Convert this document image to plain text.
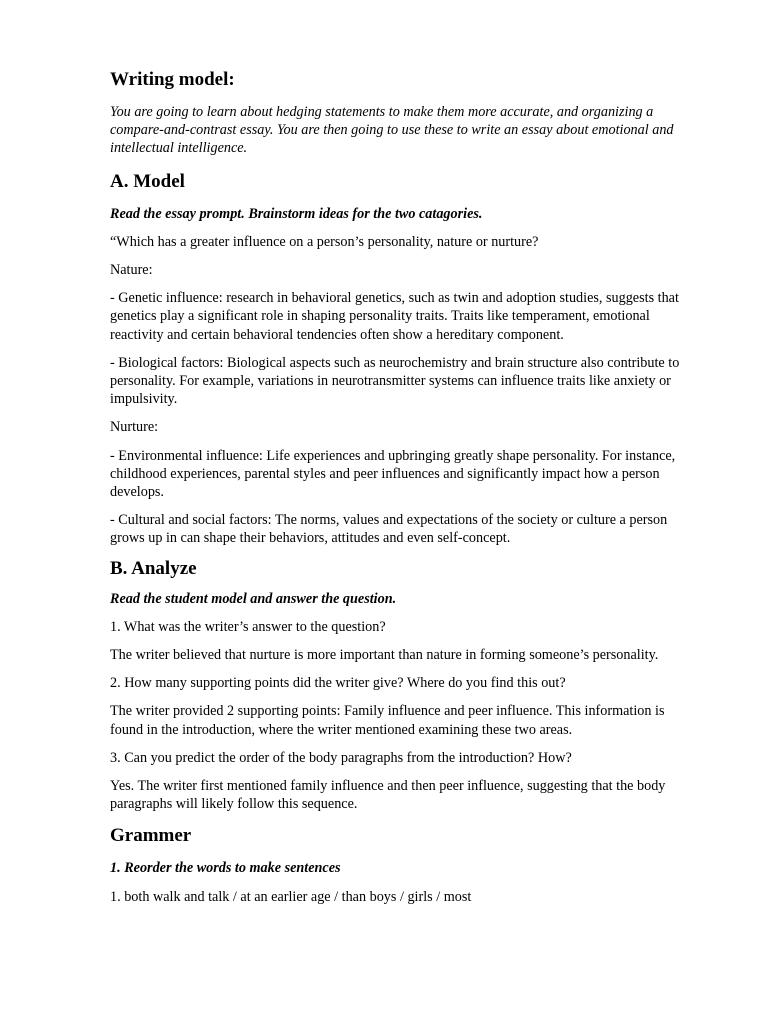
Writing model:

You are going to learn about hedging statements to make them more accurate, and organizing a compare-and-contrast essay. You are then going to use these to write an essay about emotional and intellectual intelligence.

A. Model

Read the essay prompt. Brainstorm ideas for the two catagories.

“Which has a greater influence on a person’s personality, nature or nurture?

Nature:

- Genetic influence: research in behavioral genetics, such as twin and adoption studies, suggests that genetics play a significant role in shaping personality traits. Traits like temperament, emotional reactivity and certain behavioral tendencies often show a hereditary component.

- Biological factors: Biological aspects such as neurochemistry and brain structure also contribute to personality. For example, variations in neurotransmitter systems can influence traits like anxiety or impulsivity.

Nurture:

- Environmental influence: Life experiences and upbringing greatly shape personality. For instance, childhood experiences, parental styles and peer influences and significantly impact how a person develops.

- Cultural and social factors: The norms, values and expectations of the society or culture a person grows up in can shape their behaviors, attitudes and even self-concept.

B. Analyze

Read the student model and answer the question.

1. What was the writer’s answer to the question?

The writer believed that nurture is more important than nature in forming someone’s personality.

2. How many supporting points did the writer give? Where do you find this out?

The writer provided 2 supporting points: Family influence and peer influence. This information is found in the introduction, where the writer mentioned examining these two areas.

3. Can you predict the order of the body paragraphs from the introduction? How?

Yes. The writer first mentioned family influence and then peer influence, suggesting that the body paragraphs will likely follow this sequence.

Grammer

1. Reorder the words to make sentences

1. both walk and talk / at an earlier age / than boys / girls / most
